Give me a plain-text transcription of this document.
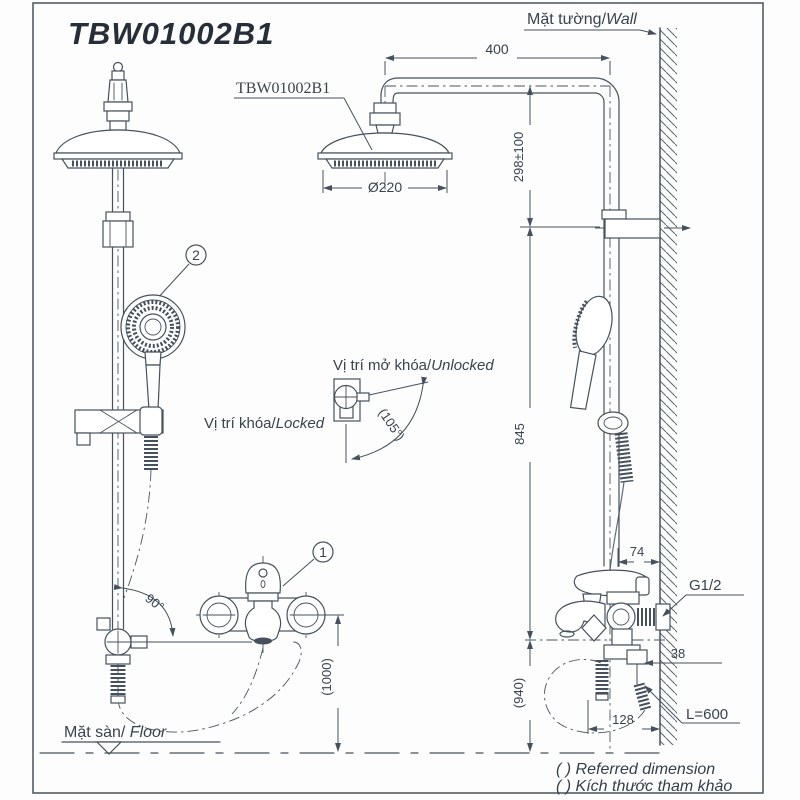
2
90°
1
(1000)
(105°)
Vị trí mở khóa/Unlocked
Vị trí khóa/Locked
TBW01002B1
Ø220
400
298±100
845
(940)
74
G1/2
38
128	L=600
Mặt tường/Wall
Mặt sàn/ Floor
( ) Referred dimension
( ) Kích thước tham khảo
TBW01002B1
